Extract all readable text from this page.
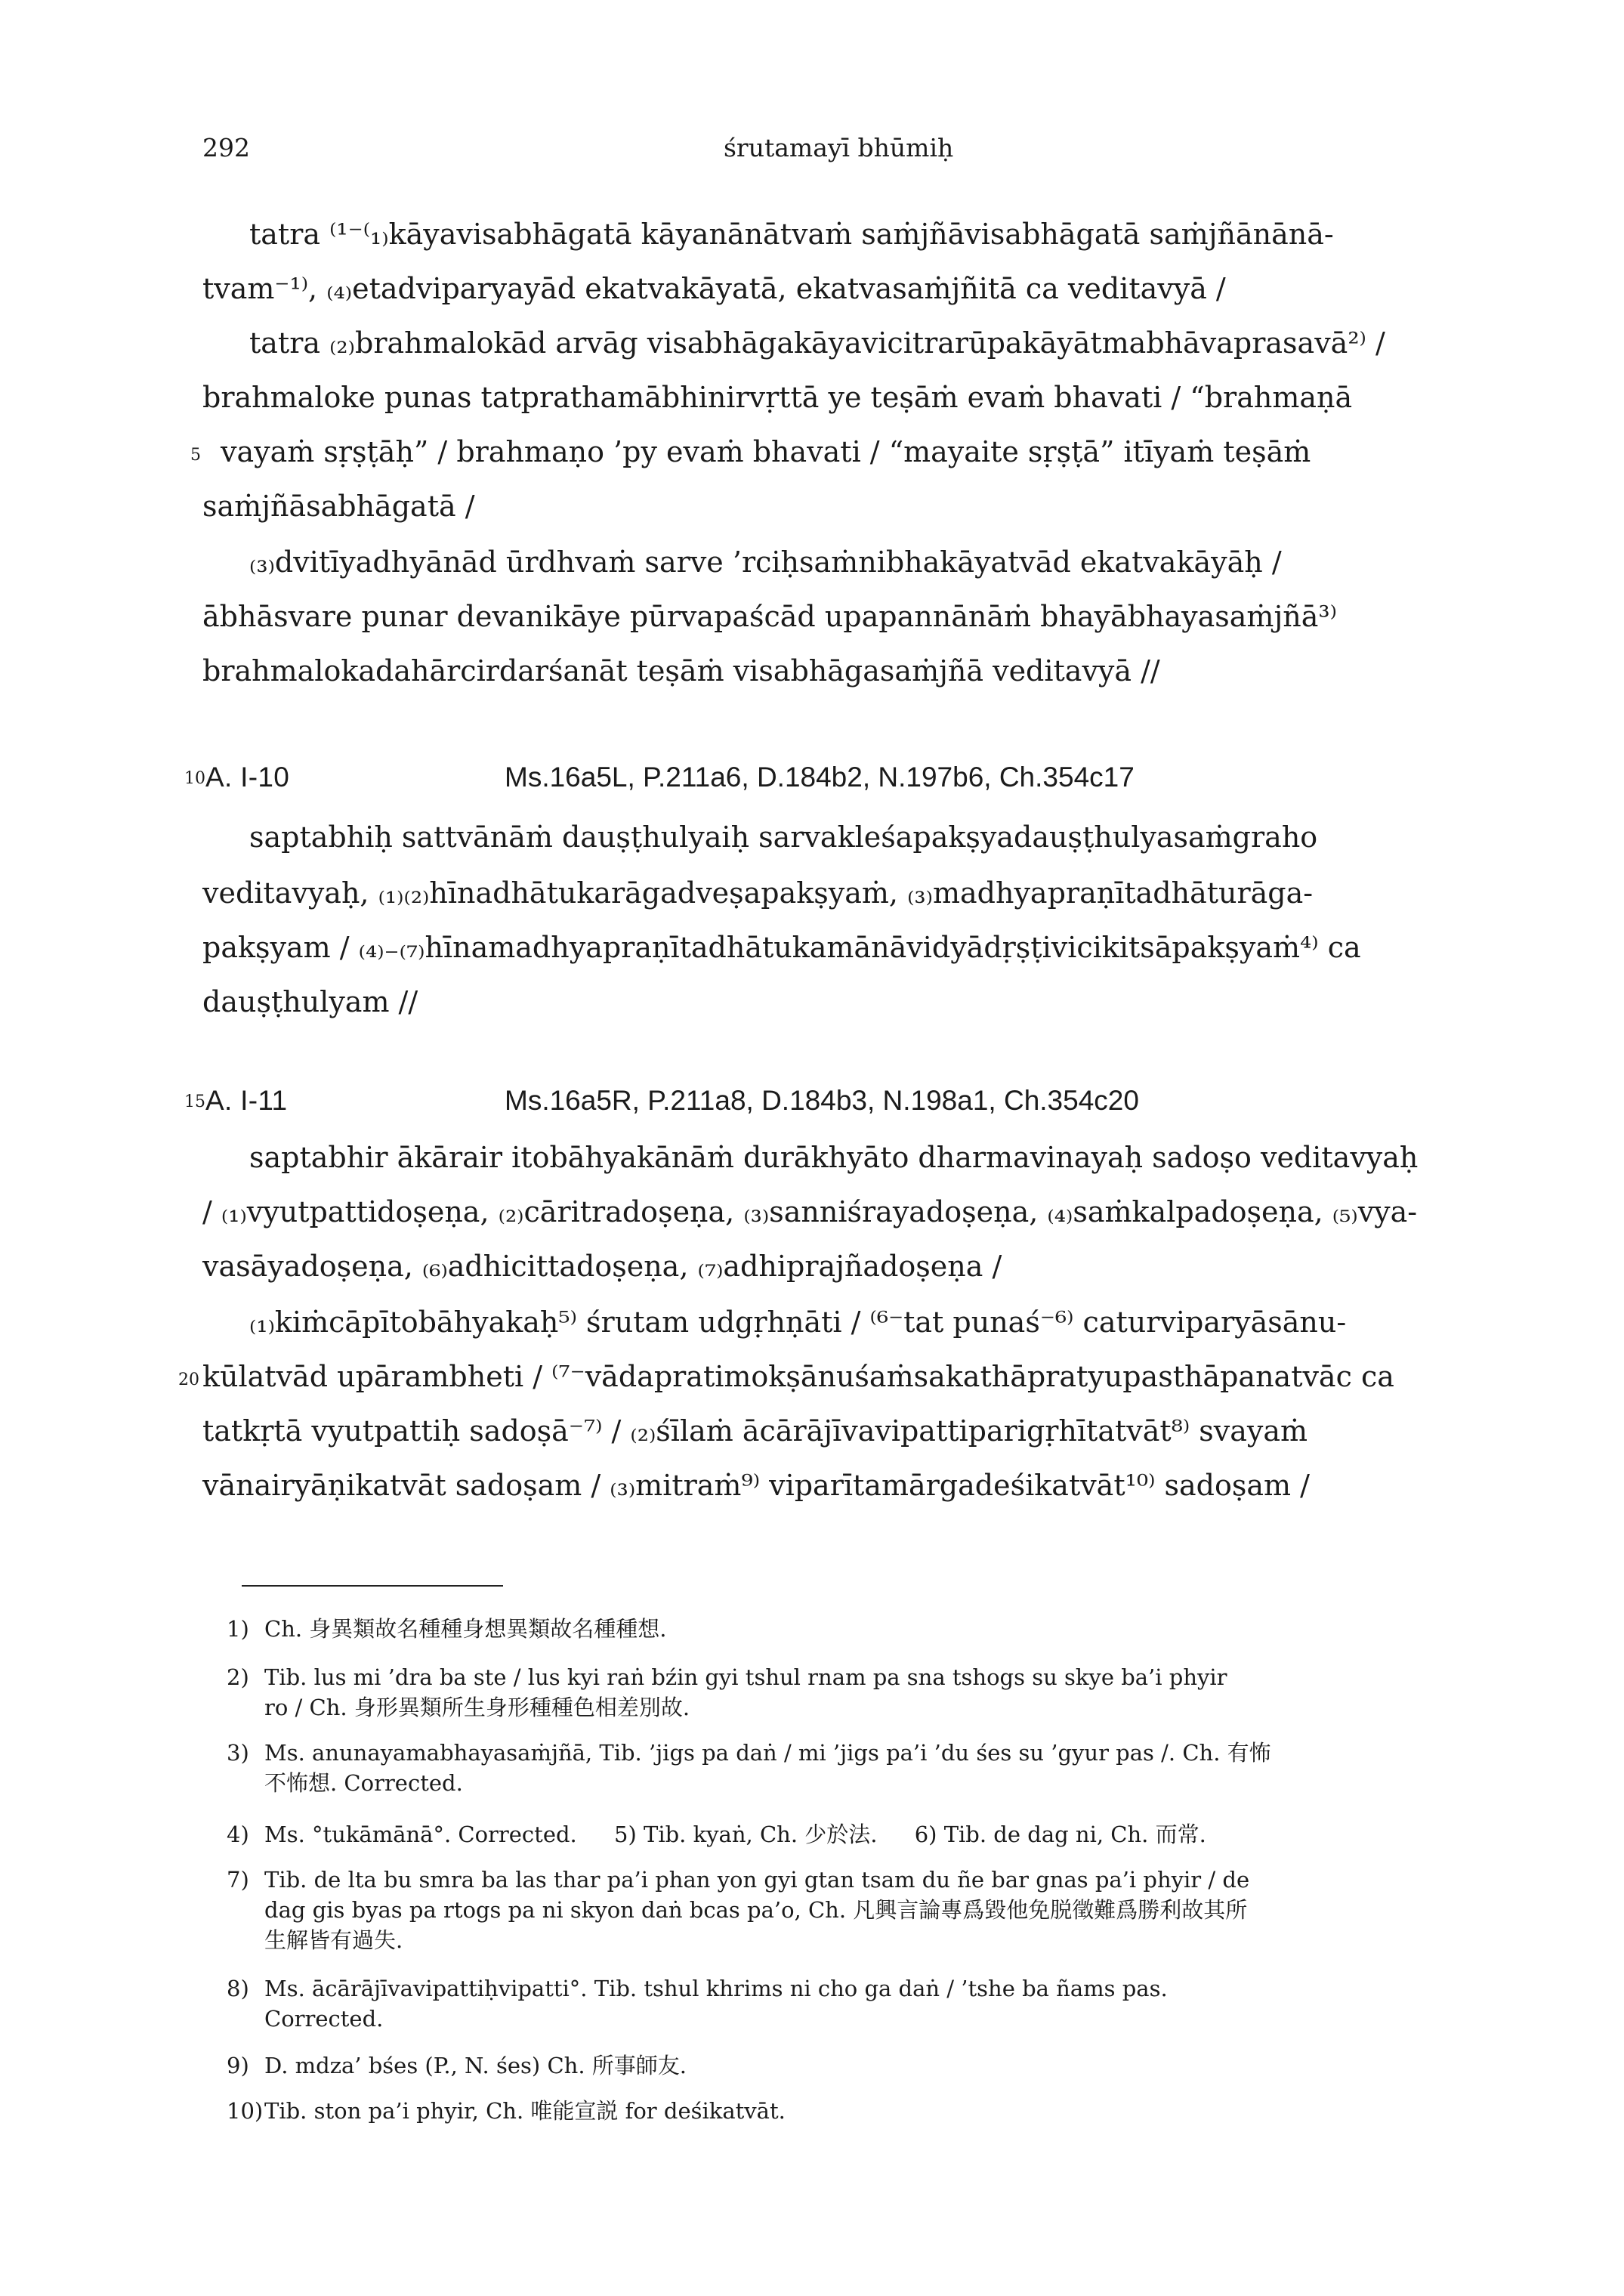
292	śrutamayī bhūmiḥ
tatra ⁽¹⁻⁽₁₎kāyavisabhāgatā kāyanānātvaṁ saṁjñāvisabhāgatā saṁjñānānā-
tvam⁻¹⁾, ₍₄₎etadviparyayād ekatvakāyatā, ekatvasaṁjñitā ca veditavyā /
tatra ₍₂₎brahmalokād arvāg visabhāgakāyavicitrarūpakāyātmabhāvaprasavā²⁾ /
brahmaloke punas tatprathamābhinirvṛttā ye teṣāṁ evaṁ bhavati / “brahmaṇā
5 vayaṁ sṛṣṭāḥ” / brahmaṇo ’py evaṁ bhavati / “mayaite sṛṣṭā” itīyaṁ teṣāṁ
saṁjñāsabhāgatā /
₍₃₎dvitīyadhyānād ūrdhvaṁ sarve ’rciḥsaṁnibhakāyatvād ekatvakāyāḥ /
ābhāsvare punar devanikāye pūrvapaścād upapannānāṁ bhayābhayasaṁjñā³⁾
brahmalokadahārcirdarśanāt teṣāṁ visabhāgasaṁjñā veditavyā //
10 A. I-10	Ms.16a5L, P.211a6, D.184b2, N.197b6, Ch.354c17
saptabhiḥ sattvānāṁ dauṣṭhulyaiḥ sarvakleśapakṣyadauṣṭhulyasaṁgraho
veditavyaḥ, ₍₁₎₍₂₎hīnadhātukarāgadveṣapakṣyaṁ, ₍₃₎madhyapraṇītadhāturāga-
pakṣyam / ₍₄₎₋₍₇₎hīnamadhyapraṇītadhātukamānāvidyādṛṣṭivicikitsāpakṣyaṁ⁴⁾ ca
dauṣṭhulyam //
15 A. I-11	Ms.16a5R, P.211a8, D.184b3, N.198a1, Ch.354c20
saptabhir ākārair itobāhyakānāṁ durākhyāto dharmavinayaḥ sadoṣo veditavyaḥ
/ ₍₁₎vyutpattidoṣeṇa, ₍₂₎cāritradoṣeṇa, ₍₃₎sanniśrayadoṣeṇa, ₍₄₎saṁkalpadoṣeṇa, ₍₅₎vya-
vasāyadoṣeṇa, ₍₆₎adhicittadoṣeṇa, ₍₇₎adhiprajñadoṣeṇa /
₍₁₎kiṁcāpītobāhyakaḥ⁵⁾ śrutam udgṛhṇāti / ⁽⁶⁻tat punaś⁻⁶⁾ caturviparyāsānu-
20 kūlatvād upārambheti / ⁽⁷⁻vādapratimokṣānuśaṁsakathāpratyupasthāpanatvāc ca
tatkṛtā vyutpattiḥ sadoṣā⁻⁷⁾ / ₍₂₎śīlaṁ ācārājīvavipattiparigṛhītatvāt⁸⁾ svayaṁ
vānairyāṇikatvāt sadoṣam / ₍₃₎mitraṁ⁹⁾ viparītamārgadeśikatvāt¹⁰⁾ sadoṣam /
1) Ch. 身異類故名種種身想異類故名種種想.
2) Tib. lus mi ’dra ba ste / lus kyi raṅ bźin gyi tshul rnam pa sna tshogs su skye ba’i phyir
ro / Ch. 身形異類所生身形種種色相差別故.
3) Ms. anunayamabhayasaṁjñā, Tib. ’jigs pa daṅ / mi ’jigs pa’i ’du śes su ’gyur pas /. Ch. 有怖
不怖想. Corrected.
4) Ms. °tukāmānā°. Corrected. 5) Tib. kyaṅ, Ch. 少於法. 6) Tib. de dag ni, Ch. 而常.
7) Tib. de lta bu smra ba las thar pa’i phan yon gyi gtan tsam du ñe bar gnas pa’i phyir / de
dag gis byas pa rtogs pa ni skyon daṅ bcas pa’o, Ch. 凡興言論專爲毀他免脱徵難爲勝利故其所
生解皆有過失.
8) Ms. ācārājīvavipattiḥvipatti°. Tib. tshul khrims ni cho ga daṅ / ’tshe ba ñams pas.
Corrected.
9) D. mdza’ bśes (P., N. śes) Ch. 所事師友.
10)Tib. ston pa’i phyir, Ch. 唯能宣説 for deśikatvāt.
